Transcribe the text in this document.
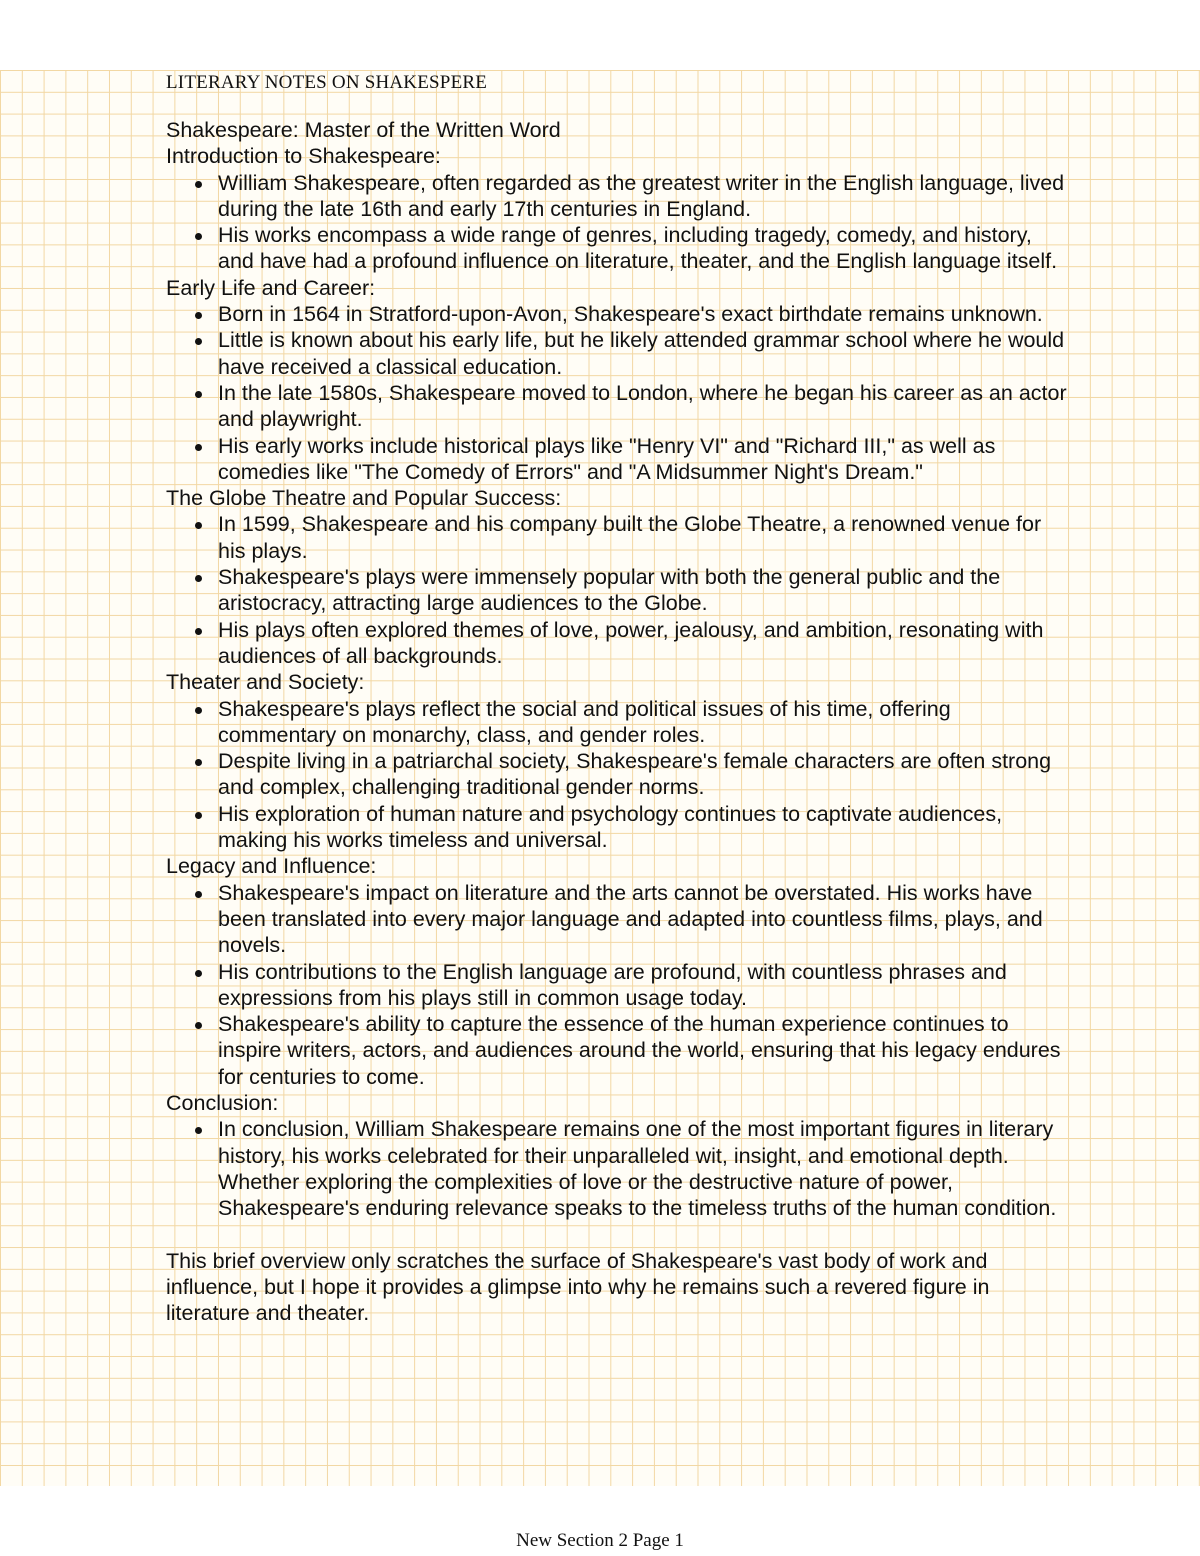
LITERARY NOTES ON SHAKESPERE

Shakespeare: Master of the Written Word

Introduction to Shakespeare:

William Shakespeare, often regarded as the greatest writer in the English language, lived during the late 16th and early 17th centuries in England.
His works encompass a wide range of genres, including tragedy, comedy, and history, and have had a profound influence on literature, theater, and the English language itself.

Early Life and Career:

Born in 1564 in Stratford-upon-Avon, Shakespeare's exact birthdate remains unknown.
Little is known about his early life, but he likely attended grammar school where he would have received a classical education.
In the late 1580s, Shakespeare moved to London, where he began his career as an actor and playwright.
His early works include historical plays like "Henry VI" and "Richard III," as well as comedies like "The Comedy of Errors" and "A Midsummer Night's Dream."

The Globe Theatre and Popular Success:

In 1599, Shakespeare and his company built the Globe Theatre, a renowned venue for his plays.
Shakespeare's plays were immensely popular with both the general public and the aristocracy, attracting large audiences to the Globe.
His plays often explored themes of love, power, jealousy, and ambition, resonating with audiences of all backgrounds.

Theater and Society:

Shakespeare's plays reflect the social and political issues of his time, offering commentary on monarchy, class, and gender roles.
Despite living in a patriarchal society, Shakespeare's female characters are often strong and complex, challenging traditional gender norms.
His exploration of human nature and psychology continues to captivate audiences, making his works timeless and universal.

Legacy and Influence:

Shakespeare's impact on literature and the arts cannot be overstated. His works have been translated into every major language and adapted into countless films, plays, and novels.
His contributions to the English language are profound, with countless phrases and expressions from his plays still in common usage today.
Shakespeare's ability to capture the essence of the human experience continues to inspire writers, actors, and audiences around the world, ensuring that his legacy endures for centuries to come.

Conclusion:

In conclusion, William Shakespeare remains one of the most important figures in literary history, his works celebrated for their unparalleled wit, insight, and emotional depth. Whether exploring the complexities of love or the destructive nature of power, Shakespeare's enduring relevance speaks to the timeless truths of the human condition.

This brief overview only scratches the surface of Shakespeare's vast body of work and influence, but I hope it provides a glimpse into why he remains such a revered figure in literature and theater.

New Section 2 Page 1
